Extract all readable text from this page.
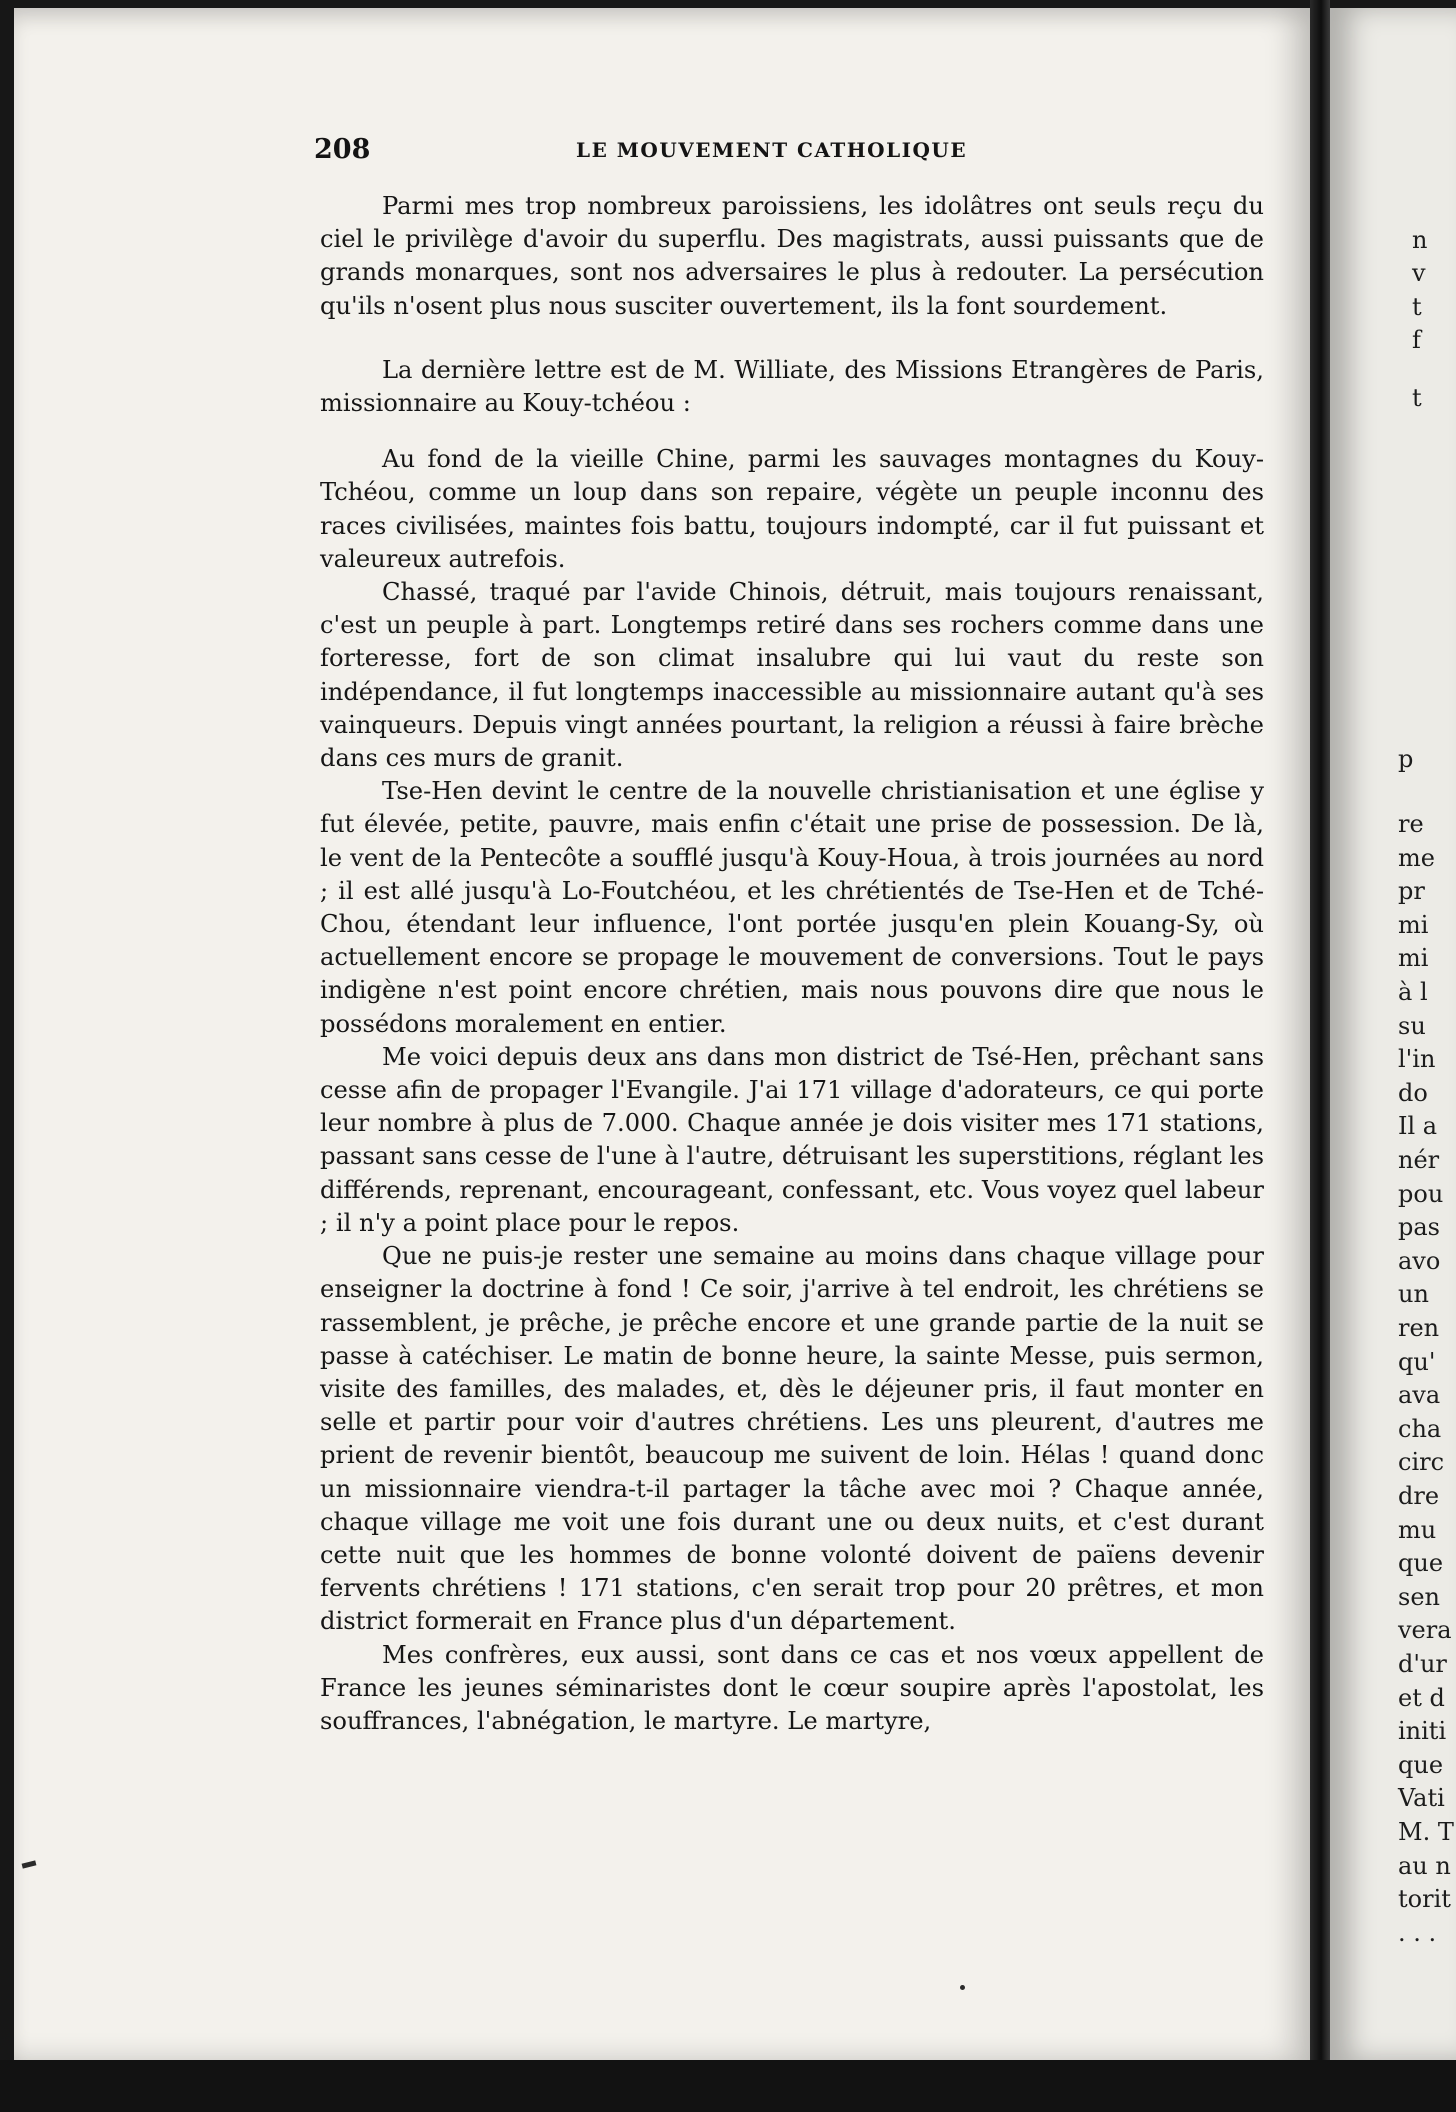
n
v
t
f
t
p
re
me
pr
mi
mi
à l
su
l'in
do
Il a
nér
pou
pas
avo
un
ren
qu'
ava
cha
circ
dre
mu
que
sen
vera
d'ur
et d
initi
que
Vati
M. T
au n
torit
. . .
208	LE MOUVEMENT CATHOLIQUE

Parmi mes trop nombreux paroissiens, les idolâtres ont seuls reçu du ciel le privilège d'avoir du superflu. Des magistrats, aussi puissants que de grands monarques, sont nos adversaires le plus à redouter. La persécution qu'ils n'osent plus nous susciter ouvertement, ils la font sourdement.

La dernière lettre est de M. Williate, des Missions Etrangères de Paris, missionnaire au Kouy-tchéou :

Au fond de la vieille Chine, parmi les sauvages montagnes du Kouy-Tchéou, comme un loup dans son repaire, végète un peuple inconnu des races civilisées, maintes fois battu, toujours indompté, car il fut puissant et valeureux autrefois.

Chassé, traqué par l'avide Chinois, détruit, mais toujours renaissant, c'est un peuple à part. Longtemps retiré dans ses rochers comme dans une forteresse, fort de son climat insalubre qui lui vaut du reste son indépendance, il fut longtemps inaccessible au missionnaire autant qu'à ses vainqueurs. Depuis vingt années pourtant, la religion a réussi à faire brèche dans ces murs de granit.

Tse-Hen devint le centre de la nouvelle christianisation et une église y fut élevée, petite, pauvre, mais enfin c'était une prise de possession. De là, le vent de la Pentecôte a soufflé jusqu'à Kouy-Houa, à trois journées au nord ; il est allé jusqu'à Lo-Foutchéou, et les chrétientés de Tse-Hen et de Tché-Chou, étendant leur influence, l'ont portée jusqu'en plein Kouang-Sy, où actuellement encore se propage le mouvement de conversions. Tout le pays indigène n'est point encore chrétien, mais nous pouvons dire que nous le possédons moralement en entier.

Me voici depuis deux ans dans mon district de Tsé-Hen, prêchant sans cesse afin de propager l'Evangile. J'ai 171 village d'adorateurs, ce qui porte leur nombre à plus de 7.000. Chaque année je dois visiter mes 171 stations, passant sans cesse de l'une à l'autre, détruisant les superstitions, réglant les différends, reprenant, encourageant, confessant, etc. Vous voyez quel labeur ; il n'y a point place pour le repos.

Que ne puis-je rester une semaine au moins dans chaque village pour enseigner la doctrine à fond ! Ce soir, j'arrive à tel endroit, les chrétiens se rassemblent, je prêche, je prêche encore et une grande partie de la nuit se passe à catéchiser. Le matin de bonne heure, la sainte Messe, puis sermon, visite des familles, des malades, et, dès le déjeuner pris, il faut monter en selle et partir pour voir d'autres chrétiens. Les uns pleurent, d'autres me prient de revenir bientôt, beaucoup me suivent de loin. Hélas ! quand donc un missionnaire viendra-t-il partager la tâche avec moi ? Chaque année, chaque village me voit une fois durant une ou deux nuits, et c'est durant cette nuit que les hommes de bonne volonté doivent de païens devenir fervents chrétiens ! 171 stations, c'en serait trop pour 20 prêtres, et mon district formerait en France plus d'un département.

Mes confrères, eux aussi, sont dans ce cas et nos vœux appellent de France les jeunes séminaristes dont le cœur soupire après l'apostolat, les souffrances, l'abnégation, le martyre. Le martyre,
